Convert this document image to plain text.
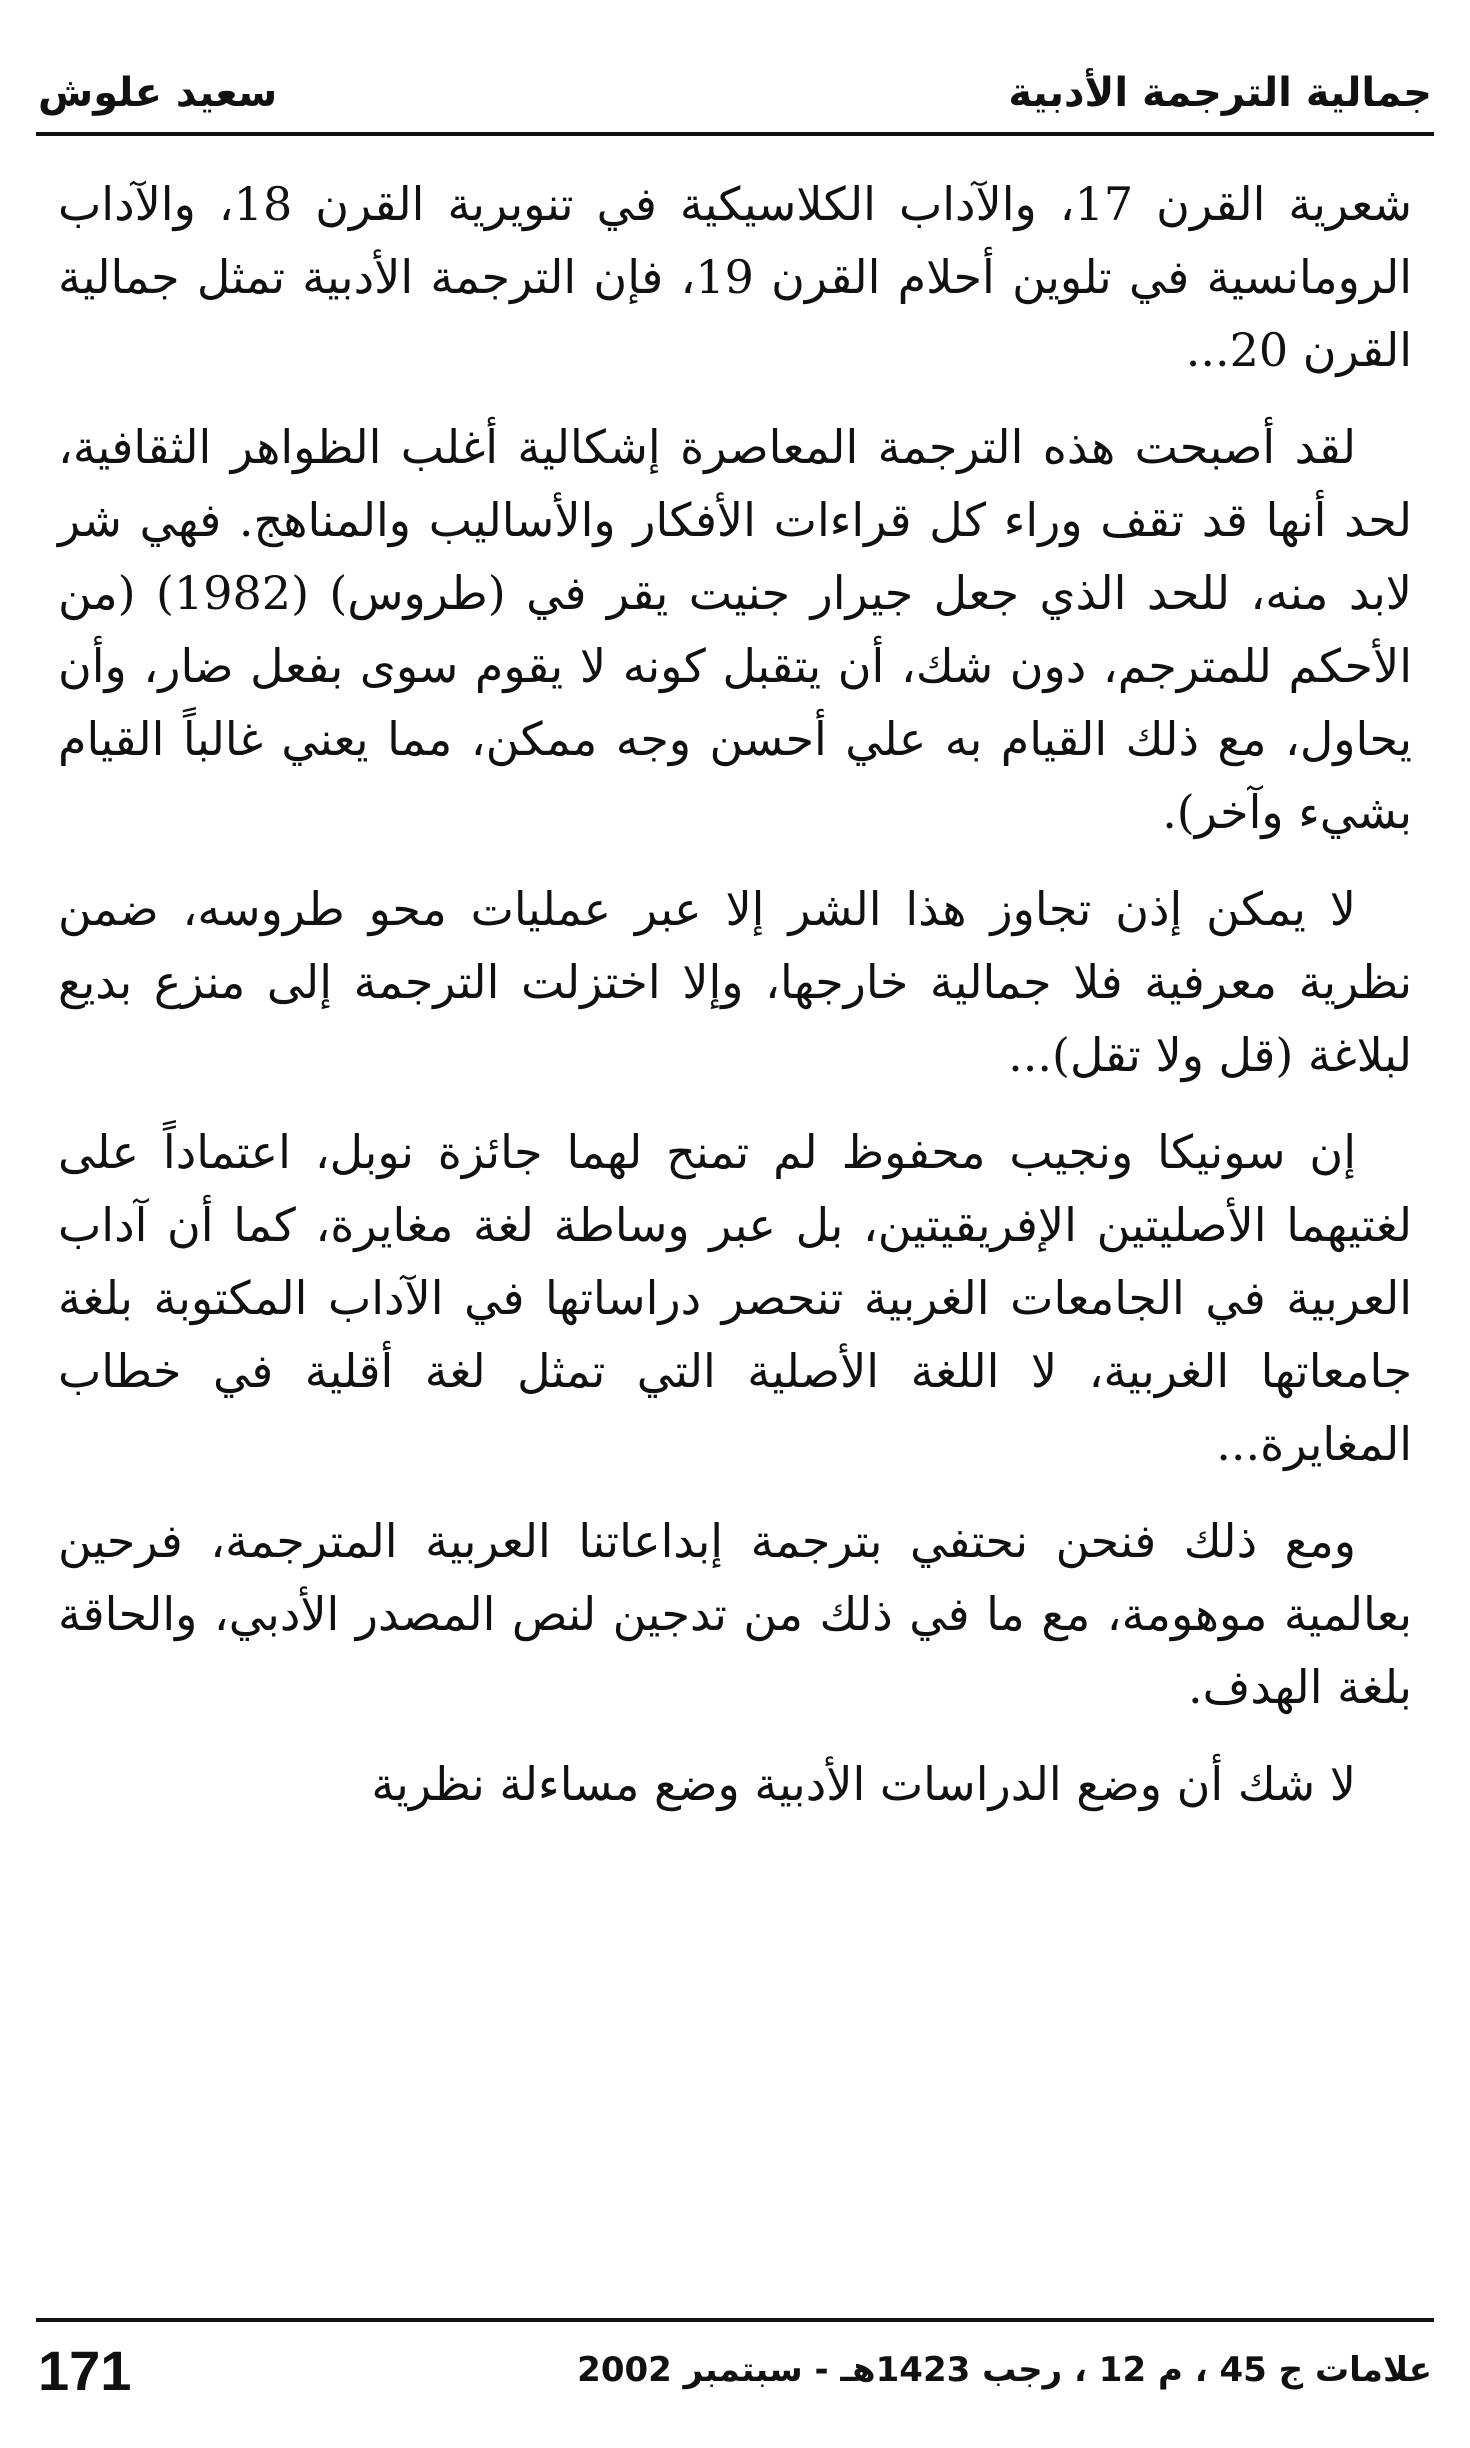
جمالية الترجمة الأدبية
سعيد علوش

شعرية القرن 17، والآداب الكلاسيكية في تنويرية القرن 18، والآداب الرومانسية في تلوين أحلام القرن 19، فإن الترجمة الأدبية تمثل جمالية القرن 20...

لقد أصبحت هذه الترجمة المعاصرة إشكالية أغلب الظواهر الثقافية، لحد أنها قد تقف وراء كل قراءات الأفكار والأساليب والمناهج. فهي شر لابد منه، للحد الذي جعل جيرار جنيت يقر في (طروس) (1982) (من الأحكم للمترجم، دون شك، أن يتقبل كونه لا يقوم سوى بفعل ضار، وأن يحاول، مع ذلك القيام به علي أحسن وجه ممكن، مما يعني غالباً القيام بشيء وآخر).

لا يمكن إذن تجاوز هذا الشر إلا عبر عمليات محو طروسه، ضمن نظرية معرفية فلا جمالية خارجها، وإلا اختزلت الترجمة إلى منزع بديع لبلاغة (قل ولا تقل)...

إن سونيكا ونجيب محفوظ لم تمنح لهما جائزة نوبل، اعتماداً على لغتيهما الأصليتين الإفريقيتين، بل عبر وساطة لغة مغايرة، كما أن آداب العربية في الجامعات الغربية تنحصر دراساتها في الآداب المكتوبة بلغة جامعاتها الغربية، لا اللغة الأصلية التي تمثل لغة أقلية في خطاب المغايرة...

ومع ذلك فنحن نحتفي بترجمة إبداعاتنا العربية المترجمة، فرحين بعالمية موهومة، مع ما في ذلك من تدجين لنص المصدر الأدبي، والحاقة بلغة الهدف.

لا شك أن وضع الدراسات الأدبية وضع مساءلة نظرية

علامات ج 45 ، م 12 ، رجب 1423هـ - سبتمبر 2002
171
